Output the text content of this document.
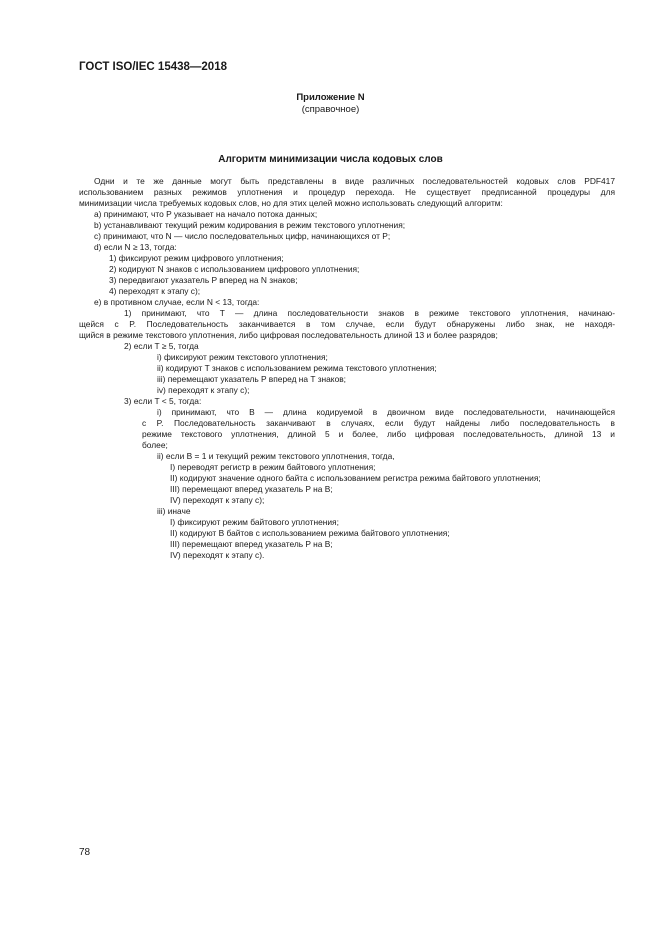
ГОСТ ISO/IEC 15438—2018
Приложение N
(справочное)
Алгоритм минимизации числа кодовых слов
Одни и те же данные могут быть представлены в виде различных последовательностей кодовых слов PDF417
использованием разных режимов уплотнения и процедур перехода. Не существует предписанной процедуры для
минимизации числа требуемых кодовых слов, но для этих целей можно использовать следующий алгоритм:
a) принимают, что P указывает на начало потока данных;
b) устанавливают текущий режим кодирования в режим текстового уплотнения;
c) принимают, что N — число последовательных цифр, начинающихся от P;
d) если N ≥ 13, тогда:
1) фиксируют режим цифрового уплотнения;
2) кодируют N знаков с использованием цифрового уплотнения;
3) передвигают указатель P вперед на N знаков;
4) переходят к этапу c);
e) в противном случае, если N < 13, тогда:
1) принимают, что T — длина последовательности знаков в режиме текстового уплотнения, начинаю-
щейся с P. Последовательность заканчивается в том случае, если будут обнаружены либо знак, не находя-
щийся в режиме текстового уплотнения, либо цифровая последовательность длиной 13 и более разрядов;
2) если T ≥ 5, тогда
i) фиксируют режим текстового уплотнения;
ii) кодируют T знаков с использованием режима текстового уплотнения;
iii) перемещают указатель P вперед на T знаков;
iv) переходят к этапу c);
3) если T < 5, тогда:
i) принимают, что B — длина кодируемой в двоичном виде последовательности, начинающейся
с P. Последовательность заканчивают в случаях, если будут найдены либо последовательность в
режиме текстового уплотнения, длиной 5 и более, либо цифровая последовательность, длиной 13 и
более;
ii) если B = 1 и текущий режим текстового уплотнения, тогда,
I) переводят регистр в режим байтового уплотнения;
II) кодируют значение одного байта с использованием регистра режима байтового уплотнения;
III) перемещают вперед указатель P на B;
IV) переходят к этапу c);
iii) иначе
I) фиксируют режим байтового уплотнения;
II) кодируют B байтов с использованием режима байтового уплотнения;
III) перемещают вперед указатель P на B;
IV) переходят к этапу c).
78
